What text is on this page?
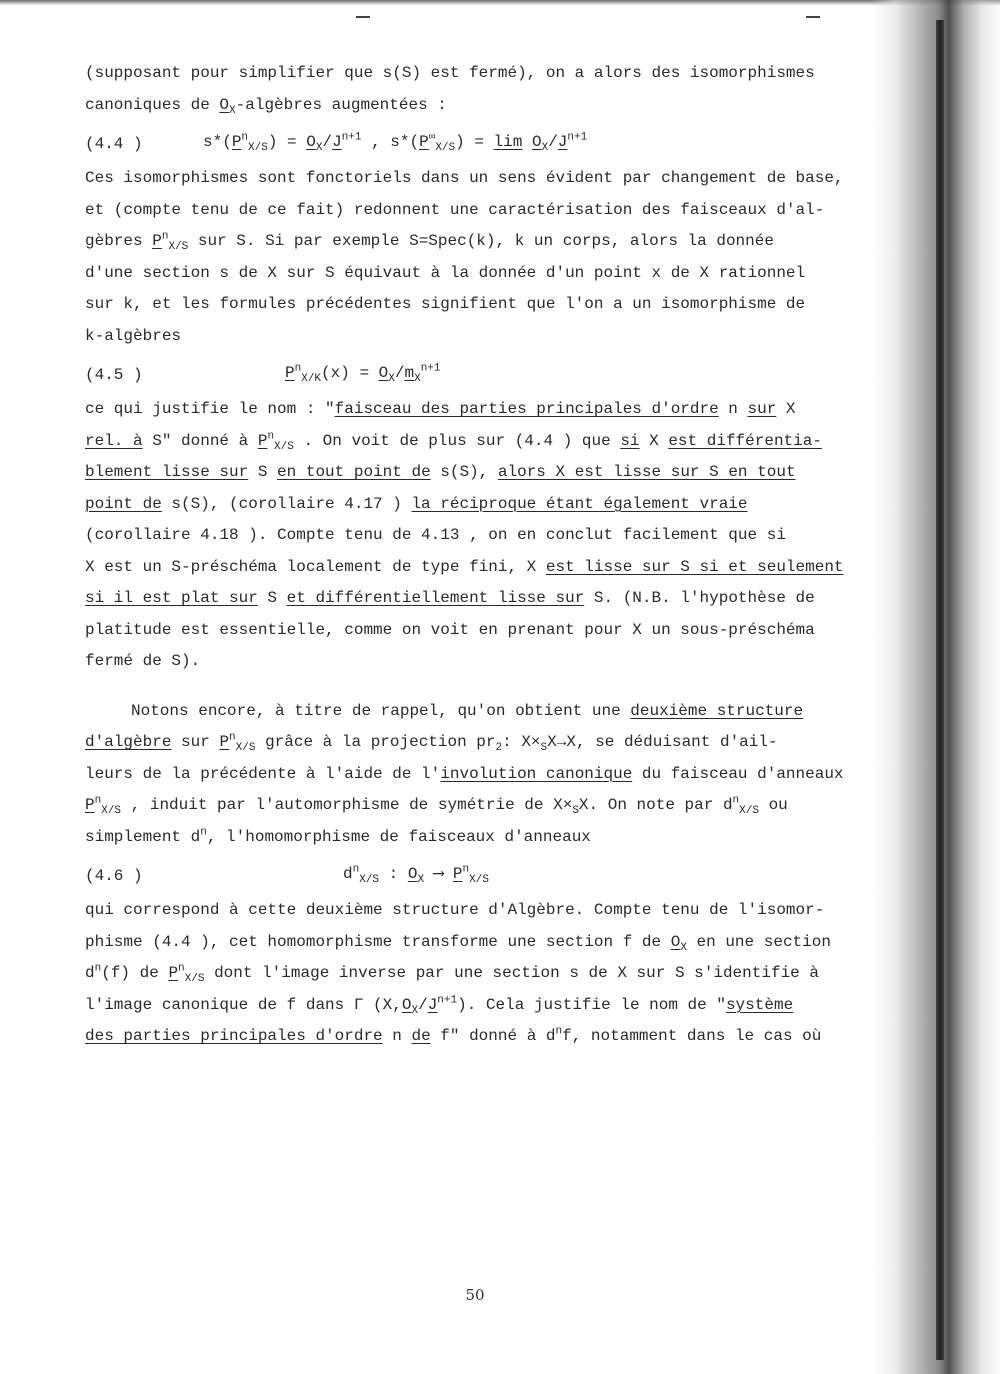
(supposant pour simplifier que s(S) est fermé), on a alors des isomorphismes
canoniques de $O_X$-algèbres augmentées :
(4.4 )	$s*(P^n_{X/S}) = O_X/J^{n+1}$ , $s*(P^\infty_{X/S}) = \lim O_X/J^{n+1}$
Ces isomorphismes sont fonctoriels dans un sens évident par changement de base,
et (compte tenu de ce fait) redonnent une caractérisation des faisceaux d'al-
gèbres $P^n_{X/S}$ sur S. Si par exemple S=Spec(k), k un corps, alors la donnée
d'une section s de X sur S équivaut à la donnée d'un point x de X rationnel
sur k, et les formules précédentes signifient que l'on a un isomorphisme de
k-algèbres
(4.5 )	$P^n_{X/K}(x) = O_X/m_X^{n+1}$
ce qui justifie le nom : "faisceau des parties principales d'ordre n sur X
rel. à S" donné à $P^n_{X/S}$ . On voit de plus sur (4.4 ) que si X est différentia-
blement lisse sur S en tout point de s(S), alors X est lisse sur S en tout
point de s(S), (corollaire 4.17 ) la réciproque étant également vraie
(corollaire 4.18 ). Compte tenu de 4.13 , on en conclut facilement que si
X est un S-préschéma localement de type fini, X est lisse sur S si et seulement
si il est plat sur S et différentiellement lisse sur S. (N.B. l'hypothèse de
platitude est essentielle, comme on voit en prenant pour X un sous-préschéma
fermé de S).
Notons encore, à titre de rappel, qu'on obtient une deuxième structure
d'algèbre sur $P^n_{X/S}$ grâce à la projection $pr_2$: $X\times_SX\to X$, se déduisant d'ail-
leurs de la précédente à l'aide de l'involution canonique du faisceau d'anneaux
$P^n_{X/S}$ , induit par l'automorphisme de symétrie de $X\times_SX$. On note par $d^n_{X/S}$ ou
simplement $d^n$, l'homomorphisme de faisceaux d'anneaux
(4.6 )	$d^n_{X/S}$ : $O_X$ ⟶ $P^n_{X/S}$
qui correspond à cette deuxième structure d'Algèbre. Compte tenu de l'isomor-
phisme (4.4 ), cet homomorphisme transforme une section f de $O_X$ en une section
$d^n(f)$ de $P^n_{X/S}$ dont l'image inverse par une section s de X sur S s'identifie à
l'image canonique de f dans Γ $(X,O_X/J^{n+1})$. Cela justifie le nom de "système
des parties principales d'ordre n de f" donné à $d^nf$, notamment dans le cas où
50
